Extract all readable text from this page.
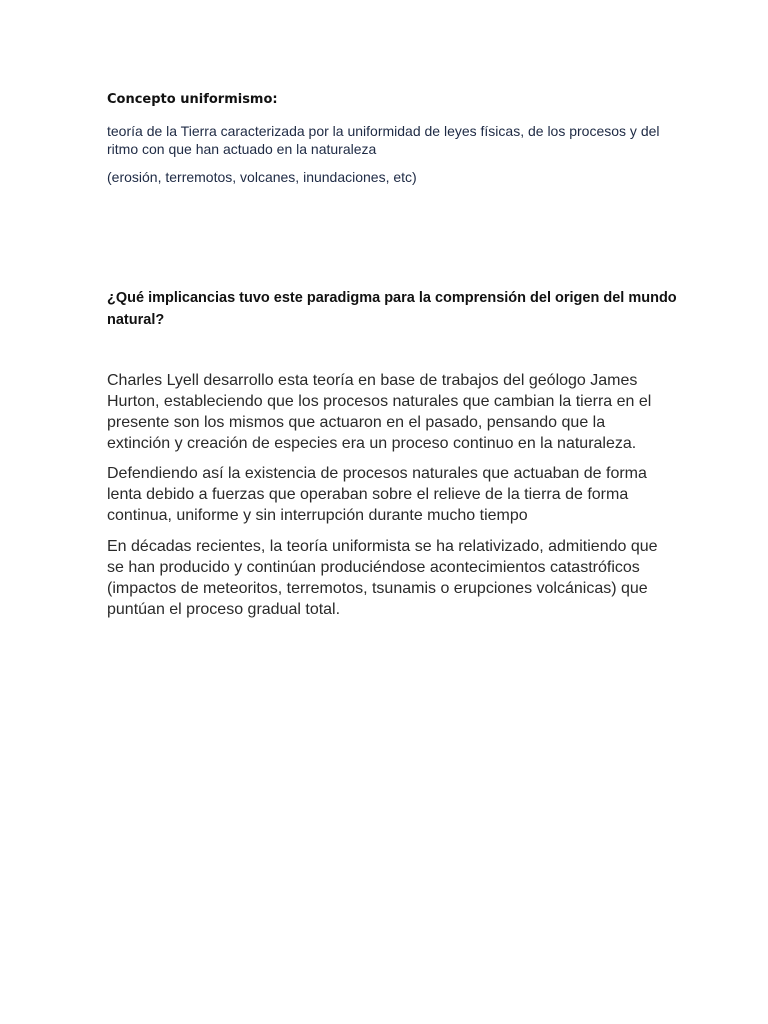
Concepto uniformismo:

teoría de la Tierra caracterizada por la uniformidad de leyes físicas, de los procesos y del ritmo con que han actuado en la naturaleza

(erosión, terremotos, volcanes, inundaciones, etc)

¿Qué implicancias tuvo este paradigma para la comprensión del origen del mundo natural?

Charles Lyell desarrollo esta teoría en base de trabajos del geólogo James Hurton, estableciendo que los procesos naturales que cambian la tierra en el presente son los mismos que actuaron en el pasado, pensando que la extinción y creación de especies era un proceso continuo en la naturaleza.

Defendiendo así la existencia de procesos naturales que actuaban de forma lenta debido a fuerzas que operaban sobre el relieve de la tierra de forma continua, uniforme y sin interrupción durante mucho tiempo

En décadas recientes, la teoría uniformista se ha relativizado, admitiendo que se han producido y continúan produciéndose acontecimientos catastróficos (impactos de meteoritos, terremotos, tsunamis o erupciones volcánicas) que puntúan el proceso gradual total.
